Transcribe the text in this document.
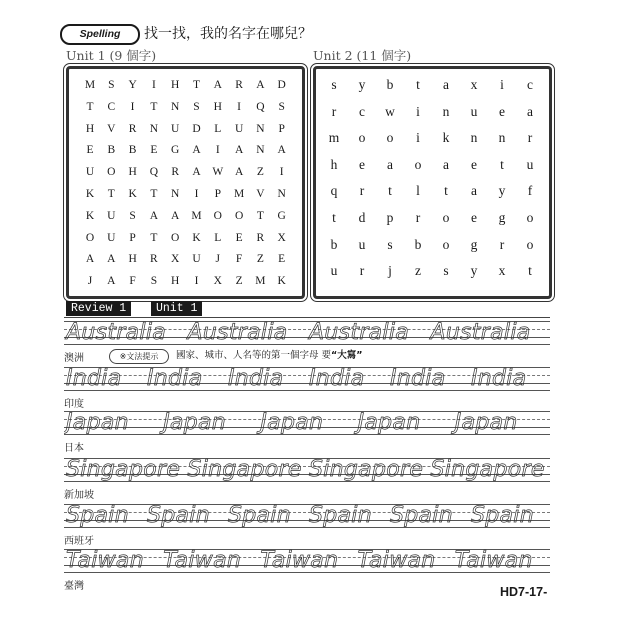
Spelling	找一找，我的名字在哪兒？
Unit 1 (9 個字)	Unit 2 (11 個字)
M S Y I H T A R A D
T C I T N S H I Q S
H V R N U D L U N P
E B B E G A I A N A
U O H Q R A W A Z I
K T K T N I P M V N
K U S A A M O O T G
O U P T O K L E R X
A A H R X U J F Z E
J A F S H I X Z M K
s y b t a x i c
r c w i n u e a
m o o i k n n r
h e a o a e t u
q r t l t a y f
t d p r o e g o
b u s b o g r o
u r j z s y x t
Review 1	Unit 1
Australia Australia Australia Australia
澳洲
India India India India India India
印度
Japan Japan Japan Japan Japan
日本
Singapore Singapore Singapore Singapore
新加坡
Spain Spain Spain Spain Spain Spain
西班牙
Taiwan Taiwan Taiwan Taiwan Taiwan
臺灣
※文法提示	國家、城市、人名等的第一個字母 要“大寫”
HD7-17-
